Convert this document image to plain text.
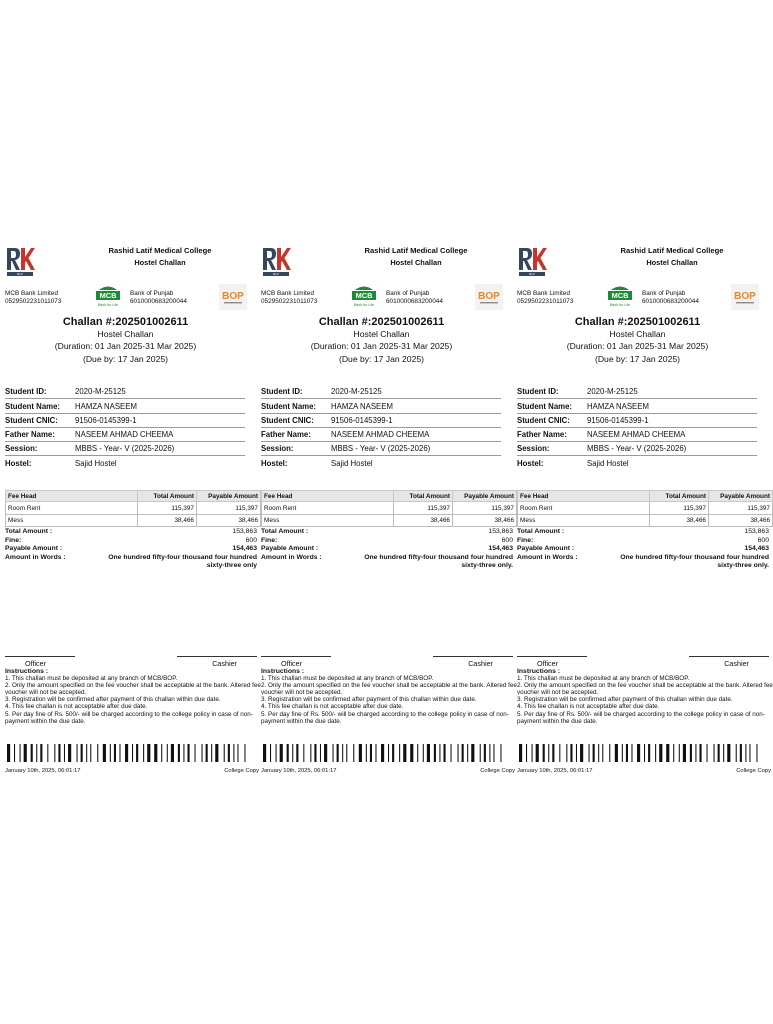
RLK
Rashid Latif Medical College
Hostel Challan
MCB Bank Limited
0529502231011073
MCB
Bank for Life
Bank of Punjab
6010000683200044	BOP
Challan #:202501002611
Hostel Challan
(Duration: 01 Jan 2025-31 Mar 2025)
(Due by: 17 Jan 2025)
Student ID:	2020-M-25125
Student Name:	HAMZA NASEEM
Student CNIC:	91506-0145399-1
Father Name:	NASEEM AHMAD CHEEMA
Session:	MBBS - Year- V (2025-2026)
Hostel:	Sajid Hostel
Fee Head	Total Amount	Payable Amount
Room Rent	115,397	115,397
Mess	38,466	38,466
Total Amount :	153,863
Fine:	600
Payable Amount :	154,463
Amount in Words :	One hundred fifty-four thousand four hundred sixty-three only
Officer	Cashier
Instructions :
1. This challan must be deposited at any branch of MCB/BOP.
2. Only the amount specified on the fee voucher shall be acceptable at the bank. Altered fee voucher will not be accepted.
3. Registration will be confirmed after payment of this challan within due date.
4. This fee challan is not acceptable after due date.
5. Per day fine of Rs. 500/- will be charged according to the college policy in case of non-payment within the due date.
January 10th, 2025, 06:01:17	College Copy
RLK
Rashid Latif Medical College
Hostel Challan
MCB Bank Limited
0529502231011073
MCB
Bank for Life
Bank of Punjab
6010000683200044	BOP
Challan #:202501002611
Hostel Challan
(Duration: 01 Jan 2025-31 Mar 2025)
(Due by: 17 Jan 2025)
Student ID:	2020-M-25125
Student Name:	HAMZA NASEEM
Student CNIC:	91506-0145399-1
Father Name:	NASEEM AHMAD CHEEMA
Session:	MBBS - Year- V (2025-2026)
Hostel:	Sajid Hostel
Fee Head	Total Amount	Payable Amount
Room Rent	115,397	115,397
Mess	38,466	38,466
Total Amount :	153,863
Fine:	600
Payable Amount :	154,463
Amount in Words :	One hundred fifty-four thousand four hundred sixty-three only.
Officer	Cashier
Instructions :
1. This challan must be deposited at any branch of MCB/BOP.
2. Only the amount specified on the fee voucher shall be acceptable at the bank. Altered fee voucher will not be accepted.
3. Registration will be confirmed after payment of this challan within due date.
4. This fee challan is not acceptable after due date.
5. Per day fine of Rs. 500/- will be charged according to the college policy in case of non-payment within the due date.
January 10th, 2025, 06:01:17	College Copy
RLK
Rashid Latif Medical College
Hostel Challan
MCB Bank Limited
0529502231011073
MCB
Bank for Life
Bank of Punjab
6010000683200044	BOP
Challan #:202501002611
Hostel Challan
(Duration: 01 Jan 2025-31 Mar 2025)
(Due by: 17 Jan 2025)
Student ID:	2020-M-25125
Student Name:	HAMZA NASEEM
Student CNIC:	91506-0145399-1
Father Name:	NASEEM AHMAD CHEEMA
Session:	MBBS - Year- V (2025-2026)
Hostel:	Sajid Hostel
Fee Head	Total Amount	Payable Amount
Room Rent	115,397	115,397
Mess	38,466	38,466
Total Amount :	153,863
Fine:	600
Payable Amount :	154,463
Amount in Words :	One hundred fifty-four thousand four hundred sixty-three only.
Officer	Cashier
Instructions :
1. This challan must be deposited at any branch of MCB/BOP.
2. Only the amount specified on the fee voucher shall be acceptable at the bank. Altered fee voucher will not be accepted.
3. Registration will be confirmed after payment of this challan within due date.
4. This fee challan is not acceptable after due date.
5. Per day fine of Rs. 500/- will be charged according to the college policy in case of non-payment within the due date.
January 10th, 2025, 06:01:17	College Copy
